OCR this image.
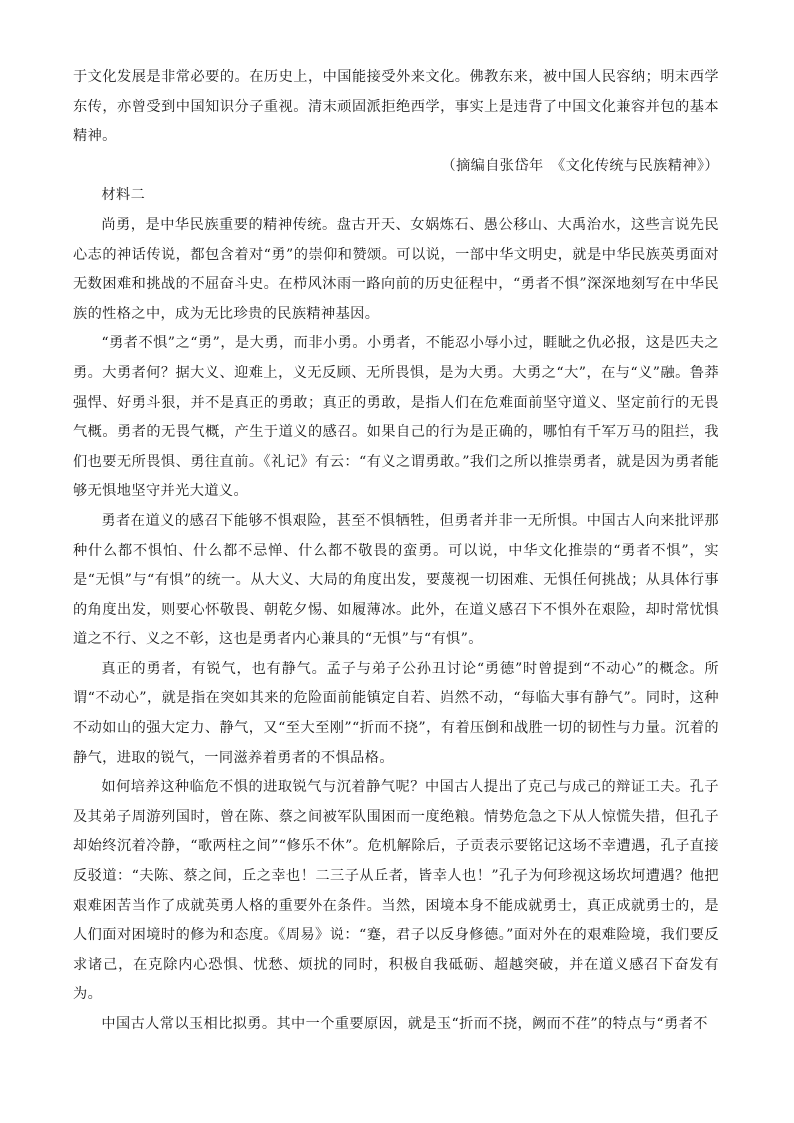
于文化发展是非常必要的。在历史上，中国能接受外来文化。佛教东来，被中国人民容纳；明末西学东传，亦曾受到中国知识分子重视。清末顽固派拒绝西学，事实上是违背了中国文化兼容并包的基本精神。

（摘编自张岱年　《文化传统与民族精神》）

材料二

尚勇，是中华民族重要的精神传统。盘古开天、女娲炼石、愚公移山、大禹治水，这些言说先民心志的神话传说，都包含着对“勇”的崇仰和赞颂。可以说，一部中华文明史，就是中华民族英勇面对无数困难和挑战的不屈奋斗史。在栉风沐雨一路向前的历史征程中，“勇者不惧”深深地刻写在中华民族的性格之中，成为无比珍贵的民族精神基因。

“勇者不惧”之“勇”，是大勇，而非小勇。小勇者，不能忍小辱小过，睚眦之仇必报，这是匹夫之勇。大勇者何？据大义、迎难上，义无反顾、无所畏惧，是为大勇。大勇之“大”，在与“义”融。鲁莽强悍、好勇斗狠，并不是真正的勇敢；真正的勇敢，是指人们在危难面前坚守道义、坚定前行的无畏气概。勇者的无畏气概，产生于道义的感召。如果自己的行为是正确的，哪怕有千军万马的阻拦，我们也要无所畏惧、勇往直前。《礼记》有云：“有义之谓勇敢。”我们之所以推崇勇者，就是因为勇者能够无惧地坚守并光大道义。

勇者在道义的感召下能够不惧艰险，甚至不惧牺牲，但勇者并非一无所惧。中国古人向来批评那种什么都不惧怕、什么都不忌惮、什么都不敬畏的蛮勇。可以说，中华文化推崇的“勇者不惧”，实是“无惧”与“有惧”的统一。从大义、大局的角度出发，要蔑视一切困难、无惧任何挑战；从具体行事的角度出发，则要心怀敬畏、朝乾夕惕、如履薄冰。此外，在道义感召下不惧外在艰险，却时常忧惧道之不行、义之不彰，这也是勇者内心兼具的“无惧”与“有惧”。

真正的勇者，有锐气，也有静气。孟子与弟子公孙丑讨论“勇德”时曾提到“不动心”的概念。所谓“不动心”，就是指在突如其来的危险面前能镇定自若、岿然不动，“每临大事有静气”。同时，这种不动如山的强大定力、静气，又“至大至刚”“折而不挠”，有着压倒和战胜一切的韧性与力量。沉着的静气，进取的锐气，一同滋养着勇者的不惧品格。

如何培养这种临危不惧的进取锐气与沉着静气呢？中国古人提出了克己与成己的辩证工夫。孔子及其弟子周游列国时，曾在陈、蔡之间被军队围困而一度绝粮。情势危急之下从人惊慌失措，但孔子却始终沉着冷静，“歌两柱之间”“修乐不休”。危机解除后，子贡表示要铭记这场不幸遭遇，孔子直接反驳道：“夫陈、蔡之间，丘之幸也！二三子从丘者，皆幸人也！”孔子为何珍视这场坎坷遭遇？他把艰难困苦当作了成就英勇人格的重要外在条件。当然，困境本身不能成就勇士，真正成就勇士的，是人们面对困境时的修为和态度。《周易》说：“蹇，君子以反身修德。”面对外在的艰难险境，我们要反求诸己，在克除内心恐惧、忧愁、烦扰的同时，积极自我砥砺、超越突破，并在道义感召下奋发有为。

中国古人常以玉相比拟勇。其中一个重要原因，就是玉“折而不挠，阙而不荏”的特点与“勇者不
